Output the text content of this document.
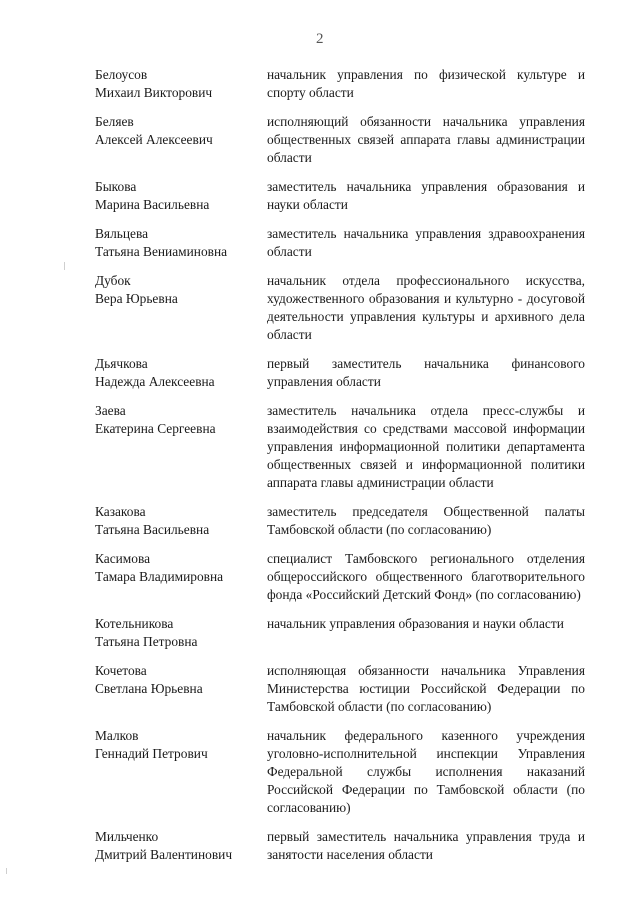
2
Белоусов
Михаил Викторович
начальник управления по физической культуре и спорту области
Беляев
Алексей Алексеевич
исполняющий обязанности начальника управления общественных связей аппарата главы администрации области
Быкова
Марина Васильевна
заместитель начальника управления образования и науки области
Вяльцева
Татьяна Вениаминовна
заместитель начальника управления здравоохранения области
Дубок
Вера Юрьевна
начальник отдела профессионального искусства, художественного образования и культурно - досуговой деятельности управления культуры и архивного дела области
Дьячкова
Надежда Алексеевна
первый заместитель начальника финансового управления области
Заева
Екатерина Сергеевна
заместитель начальника отдела пресс-службы и взаимодействия со средствами массовой информации управления информационной политики департамента общественных связей и информационной политики аппарата главы администрации области
Казакова
Татьяна Васильевна
заместитель председателя Общественной палаты Тамбовской области (по согласованию)
Касимова
Тамара Владимировна
специалист Тамбовского регионального отделения общероссийского общественного благотворительного фонда «Российский Детский Фонд» (по согласованию)
Котельникова
Татьяна Петровна
начальник управления образования и науки области
Кочетова
Светлана Юрьевна
исполняющая обязанности начальника Управления Министерства юстиции Российской Федерации по Тамбовской области (по согласованию)
Малков
Геннадий Петрович
начальник федерального казенного учреждения уголовно-исполнительной инспекции Управления Федеральной службы исполнения наказаний Российской Федерации по Тамбовской области (по согласованию)
Мильченко
Дмитрий Валентинович
первый заместитель начальника управления труда и занятости населения области
